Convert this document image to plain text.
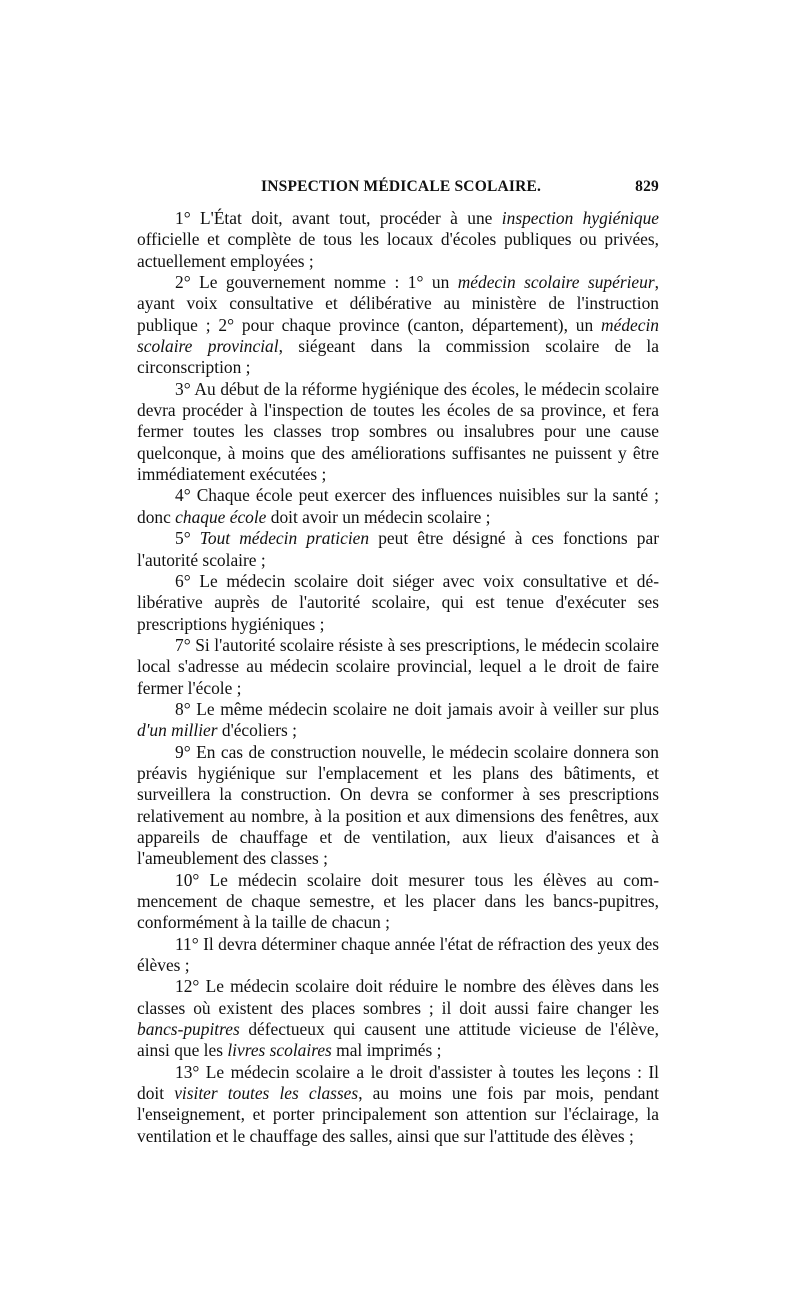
INSPECTION MÉDICALE SCOLAIRE.	829

1° L'État doit, avant tout, procéder à une inspection hygiénique officielle et complète de tous les locaux d'écoles publiques ou privées, actuellement employées ;

2° Le gouvernement nomme : 1° un médecin scolaire supérieur, ayant voix consultative et délibérative au ministère de l'instruction publique ; 2° pour chaque province (canton, département), un médecin scolaire provincial, siégeant dans la commission scolaire de la circonscription ;

3° Au début de la réforme hygiénique des écoles, le médecin scolaire devra procéder à l'inspection de toutes les écoles de sa province, et fera fermer toutes les classes trop sombres ou insalubres pour une cause quelconque, à moins que des améliorations suffisantes ne puissent y être immédiatement exécutées ;

4° Chaque école peut exercer des influences nuisibles sur la santé ; donc chaque école doit avoir un médecin scolaire ;

5° Tout médecin praticien peut être désigné à ces fonctions par l'autorité scolaire ;

6° Le médecin scolaire doit siéger avec voix consultative et délibérative auprès de l'autorité scolaire, qui est tenue d'exécuter ses prescriptions hygiéniques ;

7° Si l'autorité scolaire résiste à ses prescriptions, le médecin scolaire local s'adresse au médecin scolaire provincial, lequel a le droit de faire fermer l'école ;

8° Le même médecin scolaire ne doit jamais avoir à veiller sur plus d'un millier d'écoliers ;

9° En cas de construction nouvelle, le médecin scolaire donnera son préavis hygiénique sur l'emplacement et les plans des bâtiments, et surveillera la construction. On devra se conformer à ses prescriptions relativement au nombre, à la position et aux dimensions des fenêtres, aux appareils de chauffage et de ventilation, aux lieux d'aisances et à l'ameublement des classes ;

10° Le médecin scolaire doit mesurer tous les élèves au commencement de chaque semestre, et les placer dans les bancs-pupitres, conformément à la taille de chacun ;

11° Il devra déterminer chaque année l'état de réfraction des yeux des élèves ;

12° Le médecin scolaire doit réduire le nombre des élèves dans les classes où existent des places sombres ; il doit aussi faire changer les bancs-pupitres défectueux qui causent une attitude vicieuse de l'élève, ainsi que les livres scolaires mal imprimés ;

13° Le médecin scolaire a le droit d'assister à toutes les leçons : Il doit visiter toutes les classes, au moins une fois par mois, pendant l'enseignement, et porter principalement son attention sur l'éclairage, la ventilation et le chauffage des salles, ainsi que sur l'attitude des élèves ;
